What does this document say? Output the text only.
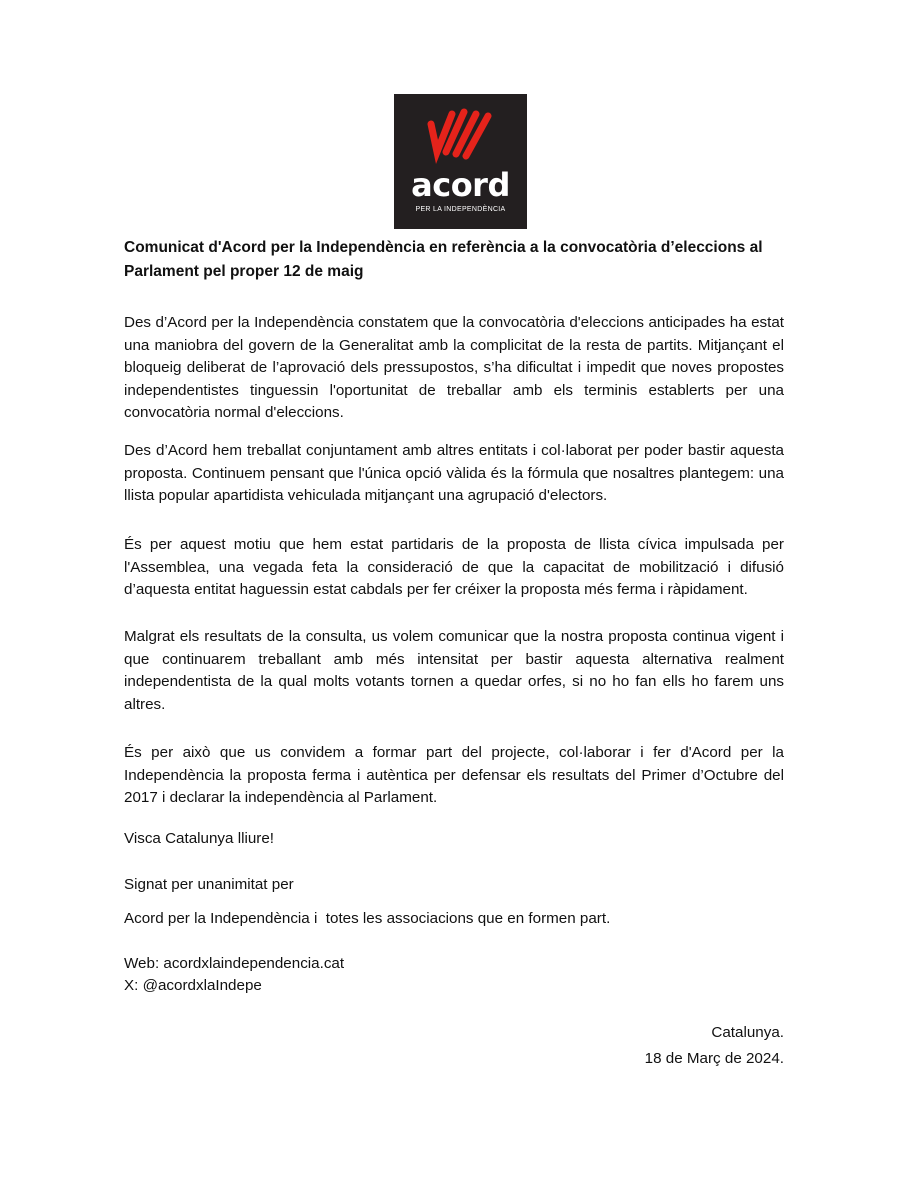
acord
PER LA INDEPENDÈNCIA

Comunicat d'Acord per la Independència en referència a la convocatòria d’eleccions al Parlament pel proper 12 de maig

Des d’Acord per la Independència constatem que la convocatòria d'eleccions anticipades ha estat una maniobra del govern de la Generalitat amb la complicitat de la resta de partits. Mitjançant el bloqueig deliberat de l’aprovació dels pressupostos, s’ha dificultat i impedit que noves propostes independentistes tinguessin l'oportunitat de treballar amb els terminis establerts per una convocatòria normal d'eleccions.

Des d’Acord hem treballat conjuntament amb altres entitats i col·laborat per poder bastir aquesta proposta. Continuem pensant que l'única opció vàlida és la fórmula que nosaltres plantegem: una llista popular apartidista vehiculada mitjançant una agrupació d'electors.

És per aquest motiu que hem estat partidaris de la proposta de llista cívica impulsada per l'Assemblea, una vegada feta la consideració de que la capacitat de mobilització i difusió d’aquesta entitat haguessin estat cabdals per fer créixer la proposta més ferma i ràpidament.

Malgrat els resultats de la consulta, us volem comunicar que la nostra proposta continua vigent i que continuarem treballant amb més intensitat per bastir aquesta alternativa realment independentista de la qual molts votants tornen a quedar orfes, si no ho fan ells ho farem uns altres.

És per això que us convidem a formar part del projecte, col·laborar i fer d'Acord per la Independència la proposta ferma i autèntica per defensar els resultats del Primer d’Octubre del 2017 i declarar la independència al Parlament.

Visca Catalunya lliure!

Signat per unanimitat per

Acord per la Independència i  totes les associacions que en formen part.

Web: acordxlaindependencia.cat

X: @acordxlaIndepe

Catalunya.
18 de Març de 2024.
